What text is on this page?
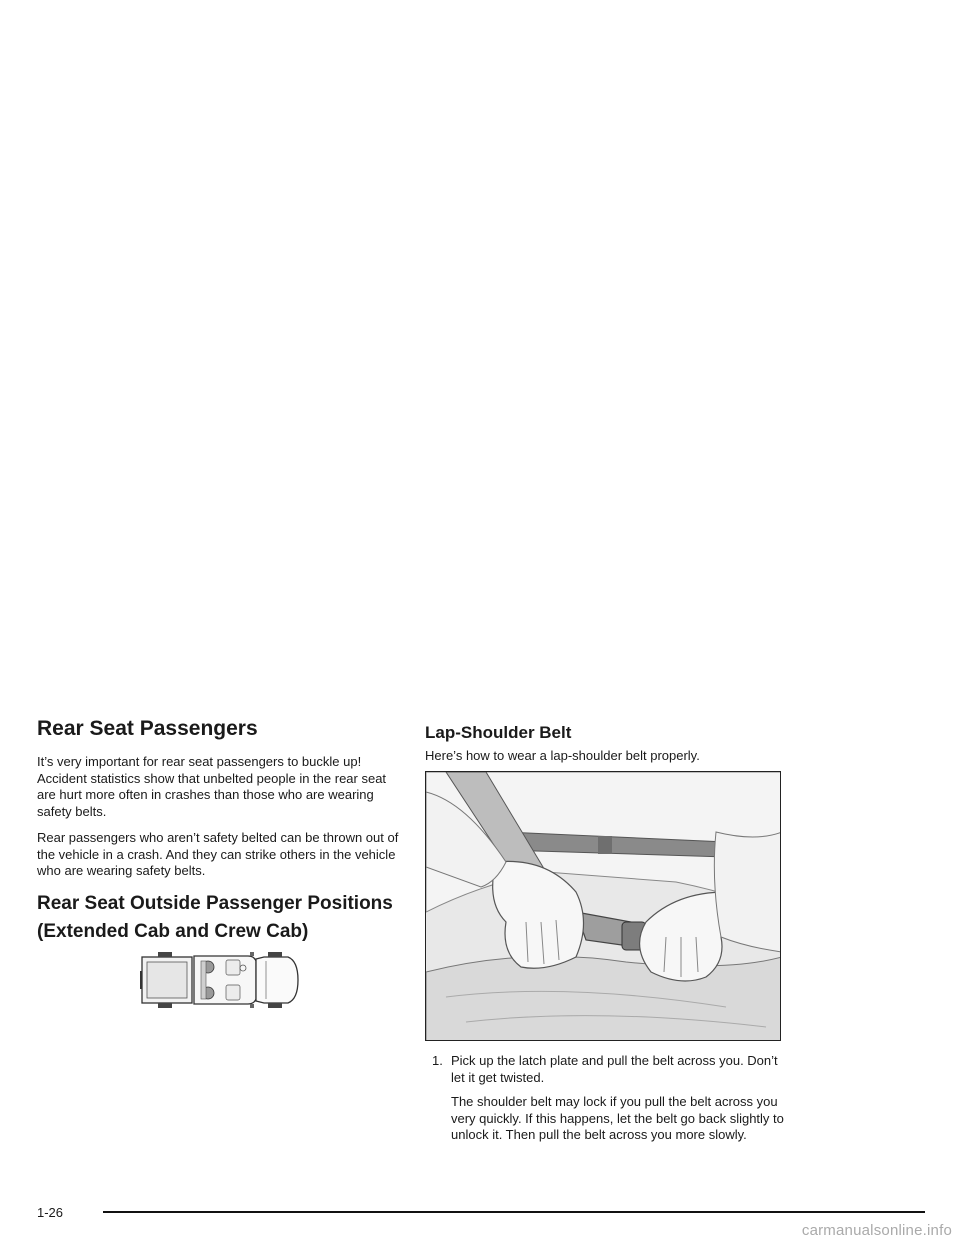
Rear Seat Passengers

It’s very important for rear seat passengers to buckle up! Accident statistics show that unbelted people in the rear seat are hurt more often in crashes than those who are wearing safety belts.

Rear passengers who aren’t safety belted can be thrown out of the vehicle in a crash. And they can strike others in the vehicle who are wearing safety belts.

Rear Seat Outside Passenger Positions
(Extended Cab and Crew Cab)
Lap-Shoulder Belt

Here’s how to wear a lap-shoulder belt properly.

1. Pick up the latch plate and pull the belt across you. Don’t let it get twisted.

The shoulder belt may lock if you pull the belt across you very quickly. If this happens, let the belt go back slightly to unlock it. Then pull the belt across you more slowly.

1-26
carmanualsonline.info
